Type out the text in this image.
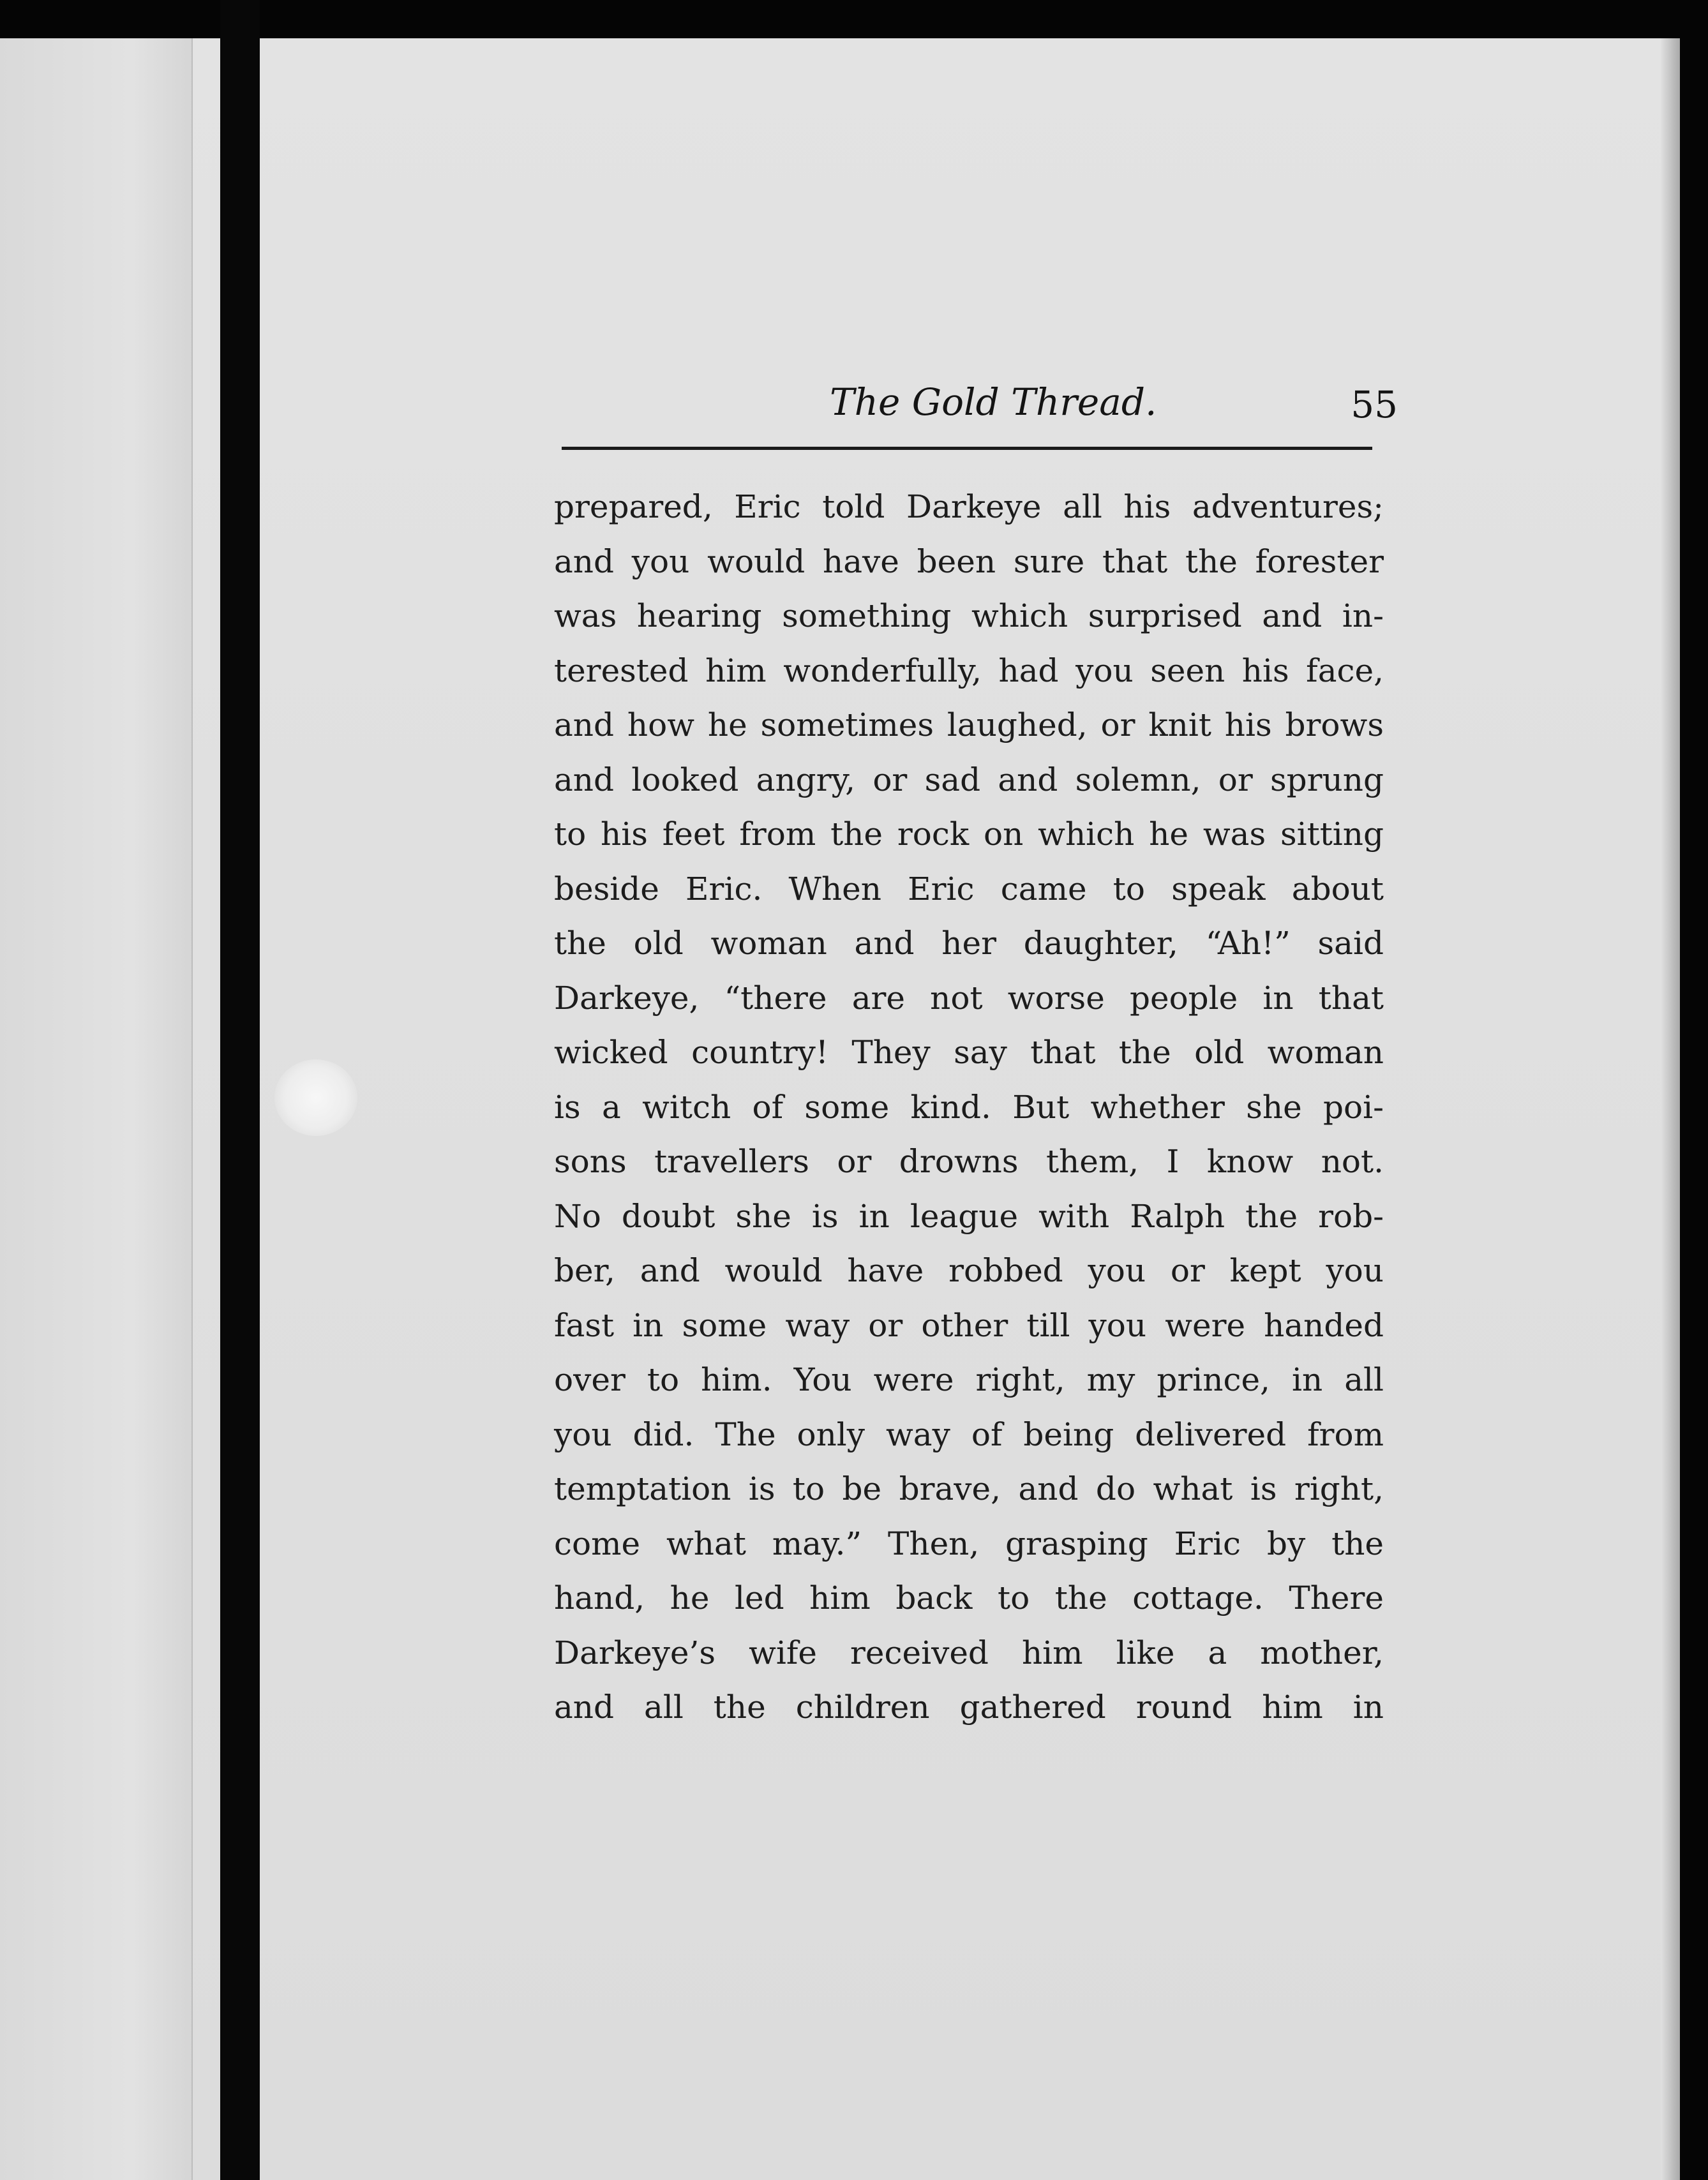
The Gold Thread.	55
prepared, Eric told Darkeye all his adventures;
and you would have been sure that the forester
was hearing something which surprised and in-
terested him wonderfully, had you seen his face,
and how he sometimes laughed, or knit his brows
and looked angry, or sad and solemn, or sprung
to his feet from the rock on which he was sitting
beside Eric. When Eric came to speak about
the old woman and her daughter, “Ah!” said
Darkeye, “there are not worse people in that
wicked country! They say that the old woman
is a witch of some kind. But whether she poi-
sons travellers or drowns them, I know not.
No doubt she is in league with Ralph the rob-
ber, and would have robbed you or kept you
fast in some way or other till you were handed
over to him. You were right, my prince, in all
you did. The only way of being delivered from
temptation is to be brave, and do what is right,
come what may.” Then, grasping Eric by the
hand, he led him back to the cottage. There
Darkeye’s wife received him like a mother,
and all the children gathered round him in
